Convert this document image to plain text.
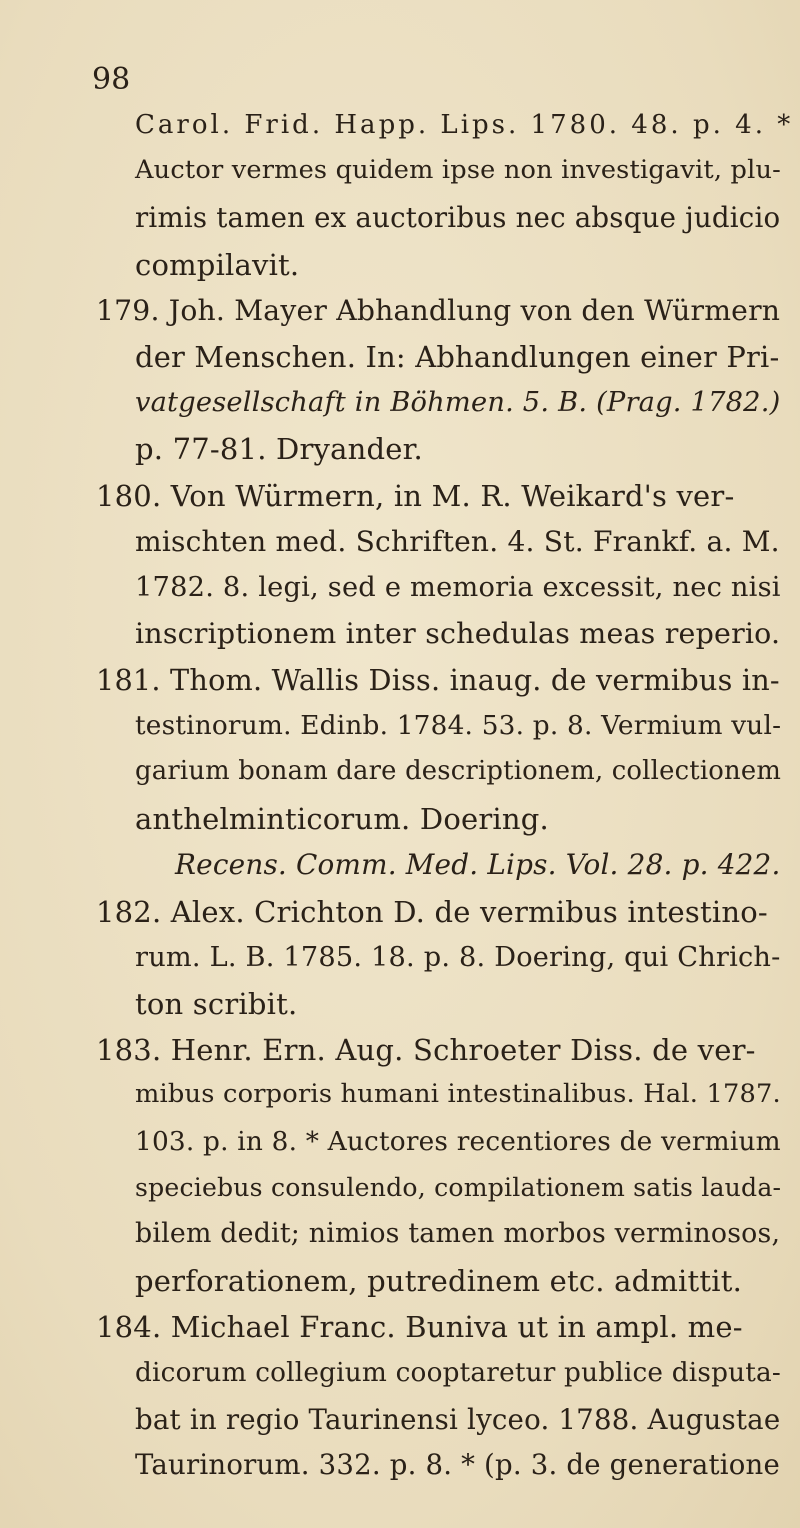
98
Carol. Frid. Happ. Lips. 1780. 48. p. 4. *
Auctor vermes quidem ipse non investigavit, plu-
rimis tamen ex auctoribus nec absque judicio
compilavit.
179. Joh. Mayer Abhandlung von den Würmern
der Menschen. In: Abhandlungen einer Pri-
vatgesellschaft in Böhmen. 5. B. (Prag. 1782.)
p. 77-81. Dryander.
180. Von Würmern, in M. R. Weikard's ver-
mischten med. Schriften. 4. St. Frankf. a. M.
1782. 8. legi, sed e memoria excessit, nec nisi
inscriptionem inter schedulas meas reperio.
181. Thom. Wallis Diss. inaug. de vermibus in-
testinorum. Edinb. 1784. 53. p. 8. Vermium vul-
garium bonam dare descriptionem, collectionem
anthelminticorum. Doering.
Recens. Comm. Med. Lips. Vol. 28. p. 422.
182. Alex. Crichton D. de vermibus intestino-
rum. L. B. 1785. 18. p. 8. Doering, qui Chrich-
ton scribit.
183. Henr. Ern. Aug. Schroeter Diss. de ver-
mibus corporis humani intestinalibus. Hal. 1787.
103. p. in 8. * Auctores recentiores de vermium
speciebus consulendo, compilationem satis lauda-
bilem dedit; nimios tamen morbos verminosos,
perforationem, putredinem etc. admittit.
184. Michael Franc. Buniva ut in ampl. me-
dicorum collegium cooptaretur publice disputa-
bat in regio Taurinensi lyceo. 1788. Augustae
Taurinorum. 332. p. 8. * (p. 3. de generatione
